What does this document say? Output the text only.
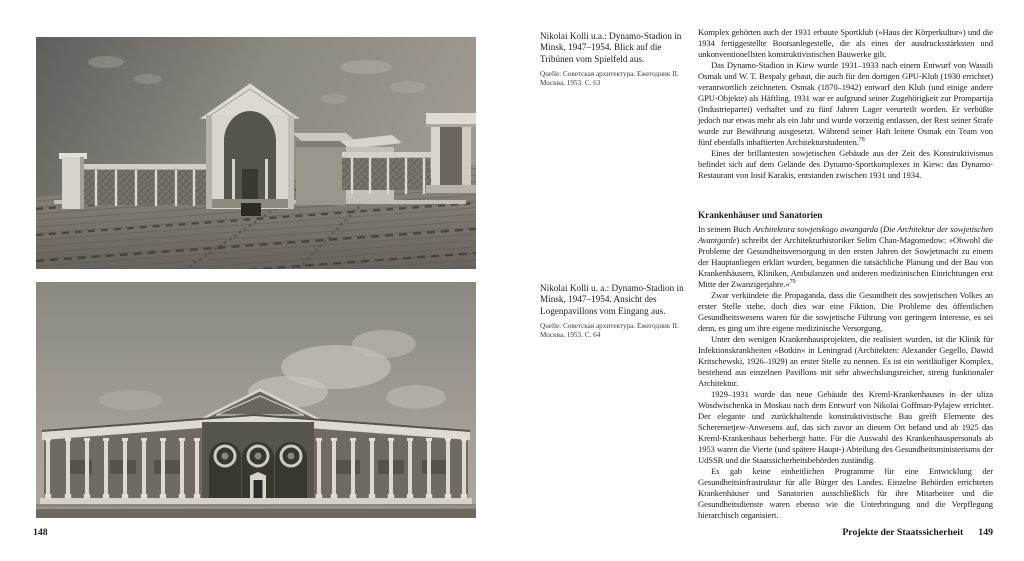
Nikolai Kolli u.a.: Dynamo-Stadion in Minsk, 1947–1954. Blick auf die Tribünen vom Spielfeld aus.

Quelle: Советская архитектура. Ежегодник II. Москва, 1953. С. 63

Nikolai Kolli u. a.: Dynamo-Stadion in Minsk, 1947–1954. Ansicht des Logenpavillons vom Eingang aus.

Quelle: Советская архитектура. Ежегодник II. Москва, 1953. С. 64

Komplex gehörten auch der 1931 erbaute Sportklub (»Haus der Körperkultur«) und die 1934 fertiggestellte Bootsanlegestelle, die als eines der ausdrucksstärksten und unkonventionellsten konstruktivistischen Bauwerke gilt.

Das Dynamo-Stadion in Kiew wurde 1931–1933 nach einem Entwurf von Wassili Osmak und W. T. Bespaly gebaut, die auch für den dortigen GPU-Klub (1930 errichtet) verantwortlich zeichneten. Osmak (1870–1942) entwarf den Klub (und einige andere GPU-Objekte) als Häftling. 1931 war er aufgrund seiner Zugehörigkeit zur Prompartija (Industriepartei) verhaftet und zu fünf Jahren Lager verurteilt worden. Er verbüßte jedoch nur etwas mehr als ein Jahr und wurde vorzeitig entlassen, der Rest seiner Strafe wurde zur Bewährung ausgesetzt. Während seiner Haft leitete Osmak ein Team von fünf ebenfalls inhaftierten Architekturstudenten.$^{78}$

Eines der brillantesten sowjetischen Gebäude aus der Zeit des Konstruktivismus befindet sich auf dem Gelände des Dynamo-Sportkomplexes in Kiew: das Dynamo-Restaurant von Iosif Karakis, entstanden zwischen 1931 und 1934.

Krankenhäuser und Sanatorien

In seinem Buch Architektura sowjetskogo awangarda (Die Architektur der sowjetischen Avantgarde) schreibt der Architekturhistoriker Selim Chan-Magomedow: »Obwohl die Probleme der Gesundheitsversorgung in den ersten Jahren der Sowjetmacht zu einem der Hauptanliegen erklärt wurden, begannen die tatsächliche Planung und der Bau von Krankenhäusern, Kliniken, Ambulanzen und anderen medizinischen Einrichtungen erst Mitte der Zwanzigerjahre.«$^{79}$

Zwar verkündete die Propaganda, dass die Gesundheit des sowjetischen Volkes an erster Stelle stehe, doch dies war eine Fiktion. Die Probleme des öffentlichen Gesundheitswesens waren für die sowjetische Führung von geringem Interesse, es sei denn, es ging um ihre eigene medizinische Versorgung.

Unter den wenigen Krankenhausprojekten, die realisiert wurden, ist die Klinik für Infektionskrankheiten »Botkin« in Leningrad (Architekten: Alexander Gegello, Dawid Kritschewski, 1926–1929) an erster Stelle zu nennen. Es ist ein weitläufiger Komplex, bestehend aus einzelnen Pavillons mit sehr abwechslungsreicher, streng funktionaler Architektur.

1929–1931 wurde das neue Gebäude des Kreml-Krankenhauses in der uliza Wosdwischenka in Moskau nach dem Entwurf von Nikolai Goffman-Pylajew errichtet. Der elegante und zurückhaltende konstruktivistische Bau greift Elemente des Scheremetjew-Anwesens auf, das sich zuvor an diesem Ort befand und ab 1925 das Kreml-Krankenhaus beherbergt hatte. Für die Auswahl des Krankenhauspersonals ab 1953 waren die Vierte (und spätere Haupt-) Abteilung des Gesundheitsministeriums der UdSSR und die Staatssicherheitsbehörden zuständig.

Es gab keine einheitlichen Programme für eine Entwicklung der Gesundheitsinfrastruktur für alle Bürger des Landes. Einzelne Behörden errichteten Krankenhäuser und Sanatorien ausschließlich für ihre Mitarbeiter und die Gesundheitsdienste waren ebenso wie die Unterbringung und die Verpflegung hierarchisch organisiert.

148	Projekte der Staatssicherheit 149
